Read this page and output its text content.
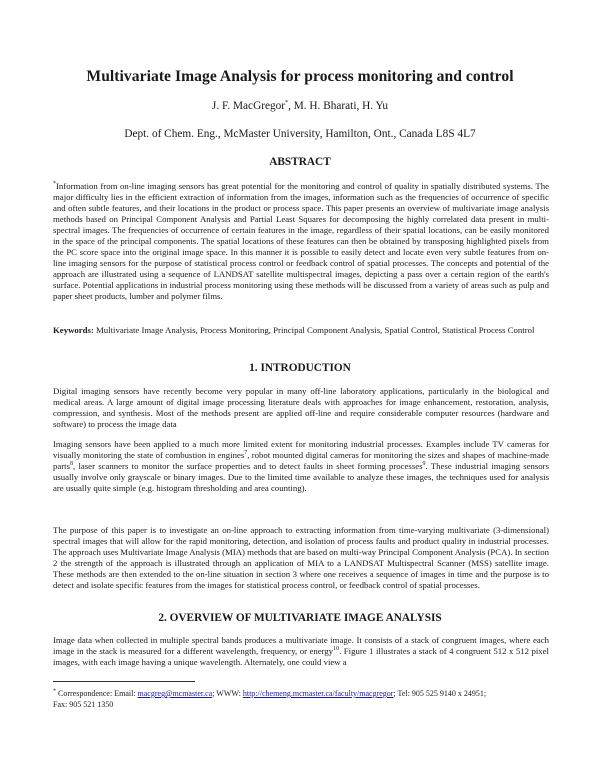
Multivariate Image Analysis for process monitoring and control
J. F. MacGregor*, M. H. Bharati, H. Yu
Dept. of Chem. Eng., McMaster University, Hamilton, Ont., Canada L8S 4L7
ABSTRACT
*Information from on-line imaging sensors has great potential for the monitoring and control of quality in spatially distributed systems. The major difficulty lies in the efficient extraction of information from the images, information such as the frequencies of occurrence of specific and often subtle features, and their locations in the product or process space. This paper presents an overview of multivariate image analysis methods based on Principal Component Analysis and Partial Least Squares for decomposing the highly correlated data present in multi-spectral images. The frequencies of occurrence of certain features in the image, regardless of their spatial locations, can be easily monitored in the space of the principal components. The spatial locations of these features can then be obtained by transposing highlighted pixels from the PC score space into the original image space. In this manner it is possible to easily detect and locate even very subtle features from on-line imaging sensors for the purpose of statistical process control or feedback control of spatial processes. The concepts and potential of the approach are illustrated using a sequence of LANDSAT satellite multispectral images, depicting a pass over a certain region of the earth's surface. Potential applications in industrial process monitoring using these methods will be discussed from a variety of areas such as pulp and paper sheet products, lumber and polymer films.
Keywords: Multivariate Image Analysis, Process Monitoring, Principal Component Analysis, Spatial Control, Statistical Process Control
1. INTRODUCTION
Digital imaging sensors have recently become very popular in many off-line laboratory applications, particularly in the biological and medical areas. A large amount of digital image processing literature deals with approaches for image enhancement, restoration, analysis, compression, and synthesis. Most of the methods present are applied off-line and require considerable computer resources (hardware and software) to process the image data
Imaging sensors have been applied to a much more limited extent for monitoring industrial processes. Examples include TV cameras for visually monitoring the state of combustion in engines$^7$, robot mounted digital cameras for monitoring the sizes and shapes of machine-made parts$^8$, laser scanners to monitor the surface properties and to detect faults in sheet forming processes$^9$. These industrial imaging sensors usually involve only grayscale or binary images. Due to the limited time available to analyze these images, the techniques used for analysis are usually quite simple (e.g. histogram thresholding and area counting).
The purpose of this paper is to investigate an on-line approach to extracting information from time-varying multivariate (3-dimensional) spectral images that will allow for the rapid monitoring, detection, and isolation of process faults and product quality in industrial processes. The approach uses Multivariate Image Analysis (MIA) methods that are based on multi-way Principal Component Analysis (PCA). In section 2 the strength of the approach is illustrated through an application of MIA to a LANDSAT Multispectral Scanner (MSS) satellite image. These methods are then extended to the on-line situation in section 3 where one receives a sequence of images in time and the purpose is to detect and isolate specific features from the images for statistical process control, or feedback control of spatial processes.
2. OVERVIEW OF MULTIVARIATE IMAGE ANALYSIS
Image data when collected in multiple spectral bands produces a multivariate image. It consists of a stack of congruent images, where each image in the stack is measured for a different wavelength, frequency, or energy$^{10}$. Figure 1 illustrates a stack of 4 congruent 512 x 512 pixel images, with each image having a unique wavelength. Alternately, one could view a
* Correspondence: Email: macgreg@mcmaster.ca; WWW: http://chemeng.mcmaster.ca/faculty/macgregor; Tel: 905 525 9140 x 24951;
Fax: 905 521 1350
